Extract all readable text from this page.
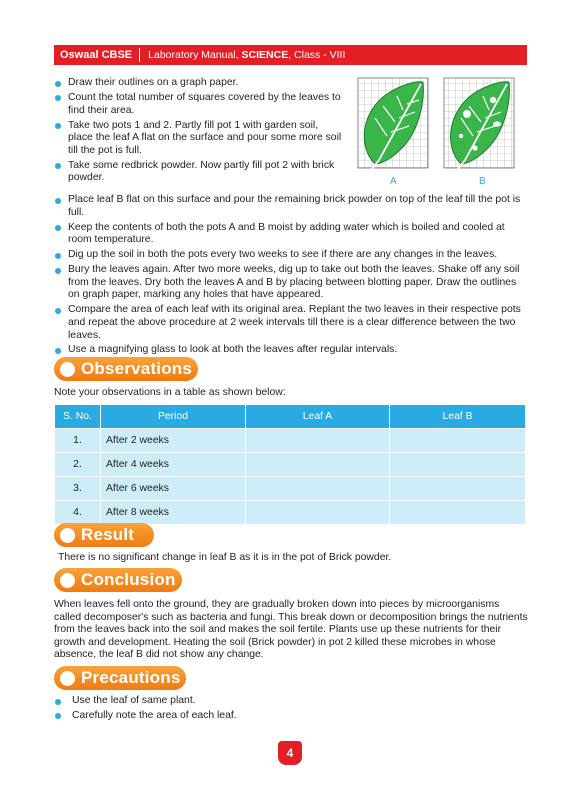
Oswaal CBSE	Laboratory Manual, SCIENCE, Class - VIII
Draw their outlines on a graph paper.
Count the total number of squares covered by the leaves to find their area.
Take two pots 1 and 2. Partly fill pot 1 with garden soil, place the leaf A flat on the surface and pour some more soil till the pot is full.
Take some redbrick powder. Now partly fill pot 2 with brick powder.	A	B
Place leaf B flat on this surface and pour the remaining brick powder on top of the leaf till the pot is full.
Keep the contents of both the pots A and B moist by adding water which is boiled and cooled at room temperature.
Dig up the soil in both the pots every two weeks to see if there are any changes in the leaves.
Bury the leaves again. After two more weeks, dig up to take out both the leaves. Shake off any soil from the leaves. Dry both the leaves A and B by placing between blotting paper. Draw the outlines on graph paper, marking any holes that have appeared.
Compare the area of each leaf with its original area. Replant the two leaves in their respective pots and repeat the above procedure at 2 week intervals till there is a clear difference between the two leaves.
Use a magnifying glass to look at both the leaves after regular intervals.
Observations
Note your observations in a table as shown below:
S. No.	Period	Leaf A	Leaf B
1.	After 2 weeks		
2.	After 4 weeks		
3.	After 6 weeks		
4.	After 8 weeks		
Result
There is no significant change in leaf B as it is in the pot of Brick powder.
Conclusion
When leaves fell onto the ground, they are gradually broken down into pieces by microorganisms called decomposer's such as bacteria and fungi. This break down or decomposition brings the nutrients from the leaves back into the soil and makes the soil fertile. Plants use up these nutrients for their growth and development. Heating the soil (Brick powder) in pot 2 killed these microbes in whose absence, the leaf B did not show any change.
Precautions
Use the leaf of same plant.
Carefully note the area of each leaf.
4
